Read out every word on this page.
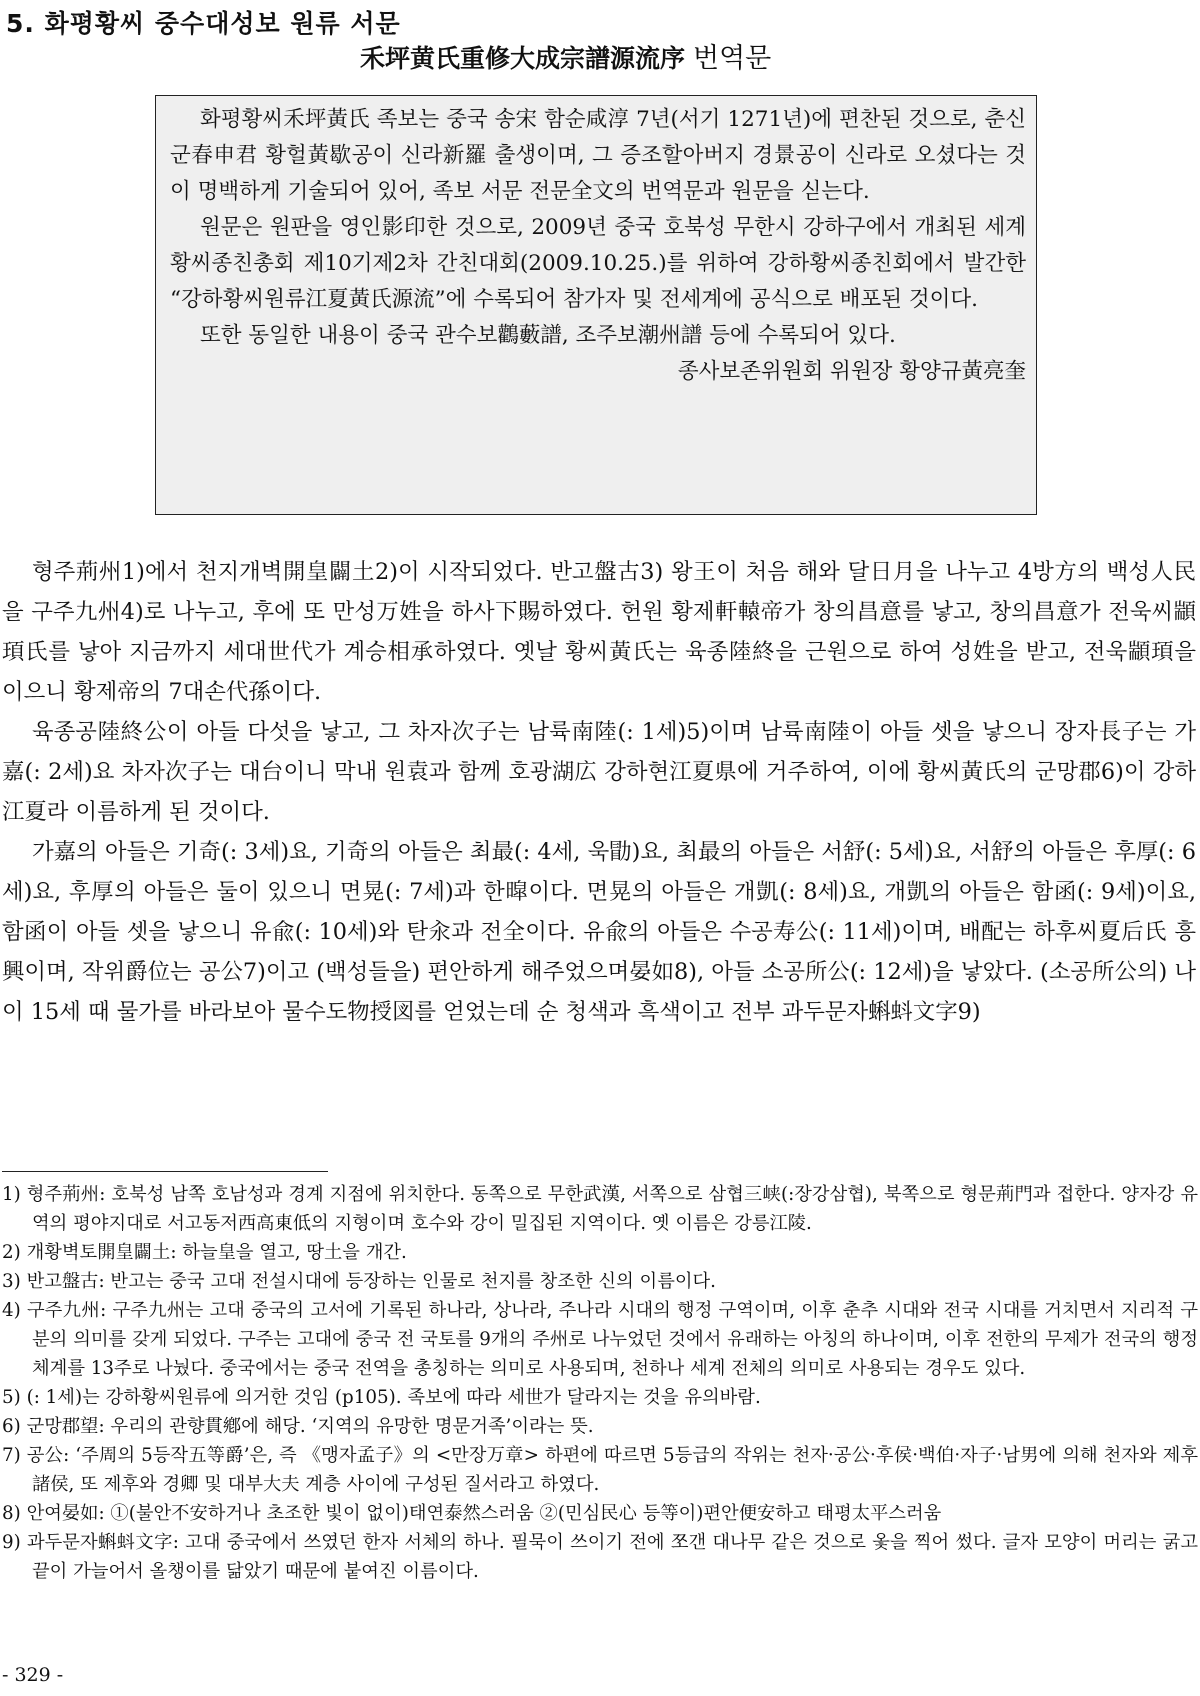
5. 화평황씨 중수대성보 원류 서문
禾坪黄氏重修大成宗譜源流序 번역문

화평황씨禾坪黃氏 족보는 중국 송宋 함순咸淳 7년(서기 1271년)에 편찬된 것으로, 춘신군春申君 황헐黃歇공이 신라新羅 출생이며, 그 증조할아버지 경景공이 신라로 오셨다는 것이 명백하게 기술되어 있어, 족보 서문 전문全文의 번역문과 원문을 싣는다.

원문은 원판을 영인影印한 것으로, 2009년 중국 호북성 무한시 강하구에서 개최된 세계황씨종친총회 제10기제2차 간친대회(2009.10.25.)를 위하여 강하황씨종친회에서 발간한 “강하황씨원류江夏黃氏源流”에 수록되어 참가자 및 전세계에 공식으로 배포된 것이다.

또한 동일한 내용이 중국 관수보鸛藪譜, 조주보潮州譜 등에 수록되어 있다.

종사보존위원회 위원장 황양규黃亮奎

형주荊州1)에서 천지개벽開皇闢土2)이 시작되었다. 반고盤古3) 왕王이 처음 해와 달日月을 나누고 4방方의 백성人民을 구주九州4)로 나누고, 후에 또 만성万姓을 하사下賜하였다. 헌원 황제軒轅帝가 창의昌意를 낳고, 창의昌意가 전욱씨顓頊氏를 낳아 지금까지 세대世代가 계승相承하였다. 옛날 황씨黃氏는 육종陸終을 근원으로 하여 성姓을 받고, 전욱顓頊을 이으니 황제帝의 7대손代孫이다.

육종공陸終公이 아들 다섯을 낳고, 그 차자次子는 남륙南陸(: 1세)5)이며 남륙南陸이 아들 셋을 낳으니 장자長子는 가嘉(: 2세)요 차자次子는 대台이니 막내 원袁과 함께 호광湖広 강하현江夏県에 거주하여, 이에 황씨黃氏의 군망郡6)이 강하江夏라 이름하게 된 것이다.

가嘉의 아들은 기奇(: 3세)요, 기奇의 아들은 최最(: 4세, 욱勖)요, 최最의 아들은 서舒(: 5세)요, 서舒의 아들은 후厚(: 6세)요, 후厚의 아들은 둘이 있으니 면晃(: 7세)과 한暭이다. 면晃의 아들은 개凱(: 8세)요, 개凱의 아들은 함函(: 9세)이요, 함函이 아들 셋을 낳으니 유兪(: 10세)와 탄汆과 전全이다. 유兪의 아들은 수공寿公(: 11세)이며, 배配는 하후씨夏后氏 흥興이며, 작위爵位는 공公7)이고 (백성들을) 편안하게 해주었으며晏如8), 아들 소공所公(: 12세)을 낳았다. (소공所公의) 나이 15세 때 물가를 바라보아 물수도物授図를 얻었는데 순 청색과 흑색이고 전부 과두문자蝌蚪文字9)

1) 형주荊州: 호북성 남쪽 호남성과 경계 지점에 위치한다. 동쪽으로 무한武漢, 서쪽으로 삼협三峡(:장강삼협), 북쪽으로 형문荊門과 접한다. 양자강 유역의 평야지대로 서고동저西高東低의 지형이며 호수와 강이 밀집된 지역이다. 옛 이름은 강릉江陵.
2) 개황벽토開皇闢土: 하늘皇을 열고, 땅土을 개간.
3) 반고盤古: 반고는 중국 고대 전설시대에 등장하는 인물로 천지를 창조한 신의 이름이다.
4) 구주九州: 구주九州는 고대 중국의 고서에 기록된 하나라, 상나라, 주나라 시대의 행정 구역이며, 이후 춘추 시대와 전국 시대를 거치면서 지리적 구분의 의미를 갖게 되었다. 구주는 고대에 중국 전 국토를 9개의 주州로 나누었던 것에서 유래하는 아칭의 하나이며, 이후 전한의 무제가 전국의 행정체계를 13주로 나눴다. 중국에서는 중국 전역을 총칭하는 의미로 사용되며, 천하나 세계 전체의 의미로 사용되는 경우도 있다.
5) (: 1세)는 강하황씨원류에 의거한 것임 (p105). 족보에 따라 세世가 달라지는 것을 유의바람.
6) 군망郡望: 우리의 관향貫鄕에 해당. ‘지역의 유망한 명문거족’이라는 뜻.
7) 공公: ‘주周의 5등작五等爵’은, 즉 《맹자孟子》의 <만장万章> 하편에 따르면 5등급의 작위는 천자·공公·후侯·백伯·자子·남男에 의해 천자와 제후諸侯, 또 제후와 경卿 및 대부大夫 계층 사이에 구성된 질서라고 하였다.
8) 안여晏如: ①(불안不安하거나 초조한 빛이 없이)태연泰然스러움 ②(민심民心 등等이)편안便安하고 태평太平스러움
9) 과두문자蝌蚪文字: 고대 중국에서 쓰였던 한자 서체의 하나. 필묵이 쓰이기 전에 쪼갠 대나무 같은 것으로 옻을 찍어 썼다. 글자 모양이 머리는 굵고 끝이 가늘어서 올챙이를 닮았기 때문에 붙여진 이름이다.
- 329 -
